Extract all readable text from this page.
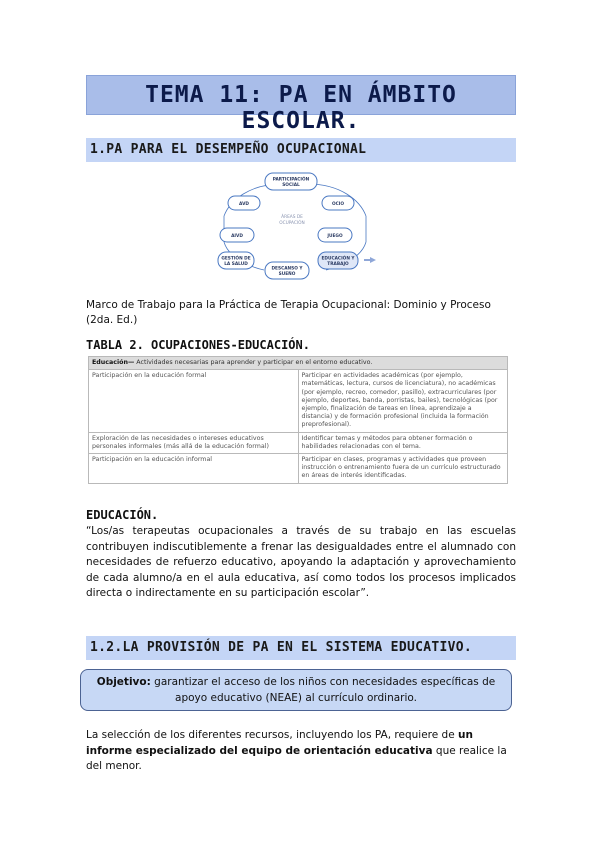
TEMA 11: PA EN ÁMBITO ESCOLAR.
1.PA PARA EL DESEMPEÑO OCUPACIONAL
PARTICIPACIÓN
SOCIAL
AVD	OCIO
AIVD	JUEGO
GESTIÓN DE
LA SALUD
DESCANSO Y
SUEÑO
EDUCACIÓN Y
TRABAJO
ÁREAS DE
OCUPACIÓN
Marco de Trabajo para la Práctica de Terapia Ocupacional: Dominio y Proceso (2da. Ed.)
TABLA 2. OCUPACIONES-EDUCACIÓN.
Educación— Actividades necesarias para aprender y participar en el entorno educativo.	
Participación en la educación formal	Participar en actividades académicas (por ejemplo, matemáticas, lectura, cursos de licenciatura), no académicas (por ejemplo, recreo, comedor, pasillo), extracurriculares (por ejemplo, deportes, banda, porristas, bailes), tecnológicas (por ejemplo, finalización de tareas en línea, aprendizaje a distancia) y de formación profesional (incluida la formación preprofesional).
Exploración de las necesidades o intereses educativos personales informales (más allá de la educación formal)	Identificar temas y métodos para obtener formación o habilidades relacionadas con el tema.
Participación en la educación informal	Participar en clases, programas y actividades que proveen instrucción o entrenamiento fuera de un currículo estructurado en áreas de interés identificadas.
EDUCACIÓN.
“Los/as terapeutas ocupacionales a través de su trabajo en las escuelas contribuyen indiscutiblemente a frenar las desigualdades entre el alumnado con necesidades de refuerzo educativo, apoyando la adaptación y aprovechamiento de cada alumno/a en el aula educativa, así como todos los procesos implicados directa o indirectamente en su participación escolar”.
1.2.LA PROVISIÓN DE PA EN EL SISTEMA EDUCATIVO.
Objetivo: garantizar el acceso de los niños con necesidades específicas de apoyo educativo (NEAE) al currículo ordinario.
La selección de los diferentes recursos, incluyendo los PA, requiere de un informe especializado del equipo de orientación educativa que realice la del menor.
